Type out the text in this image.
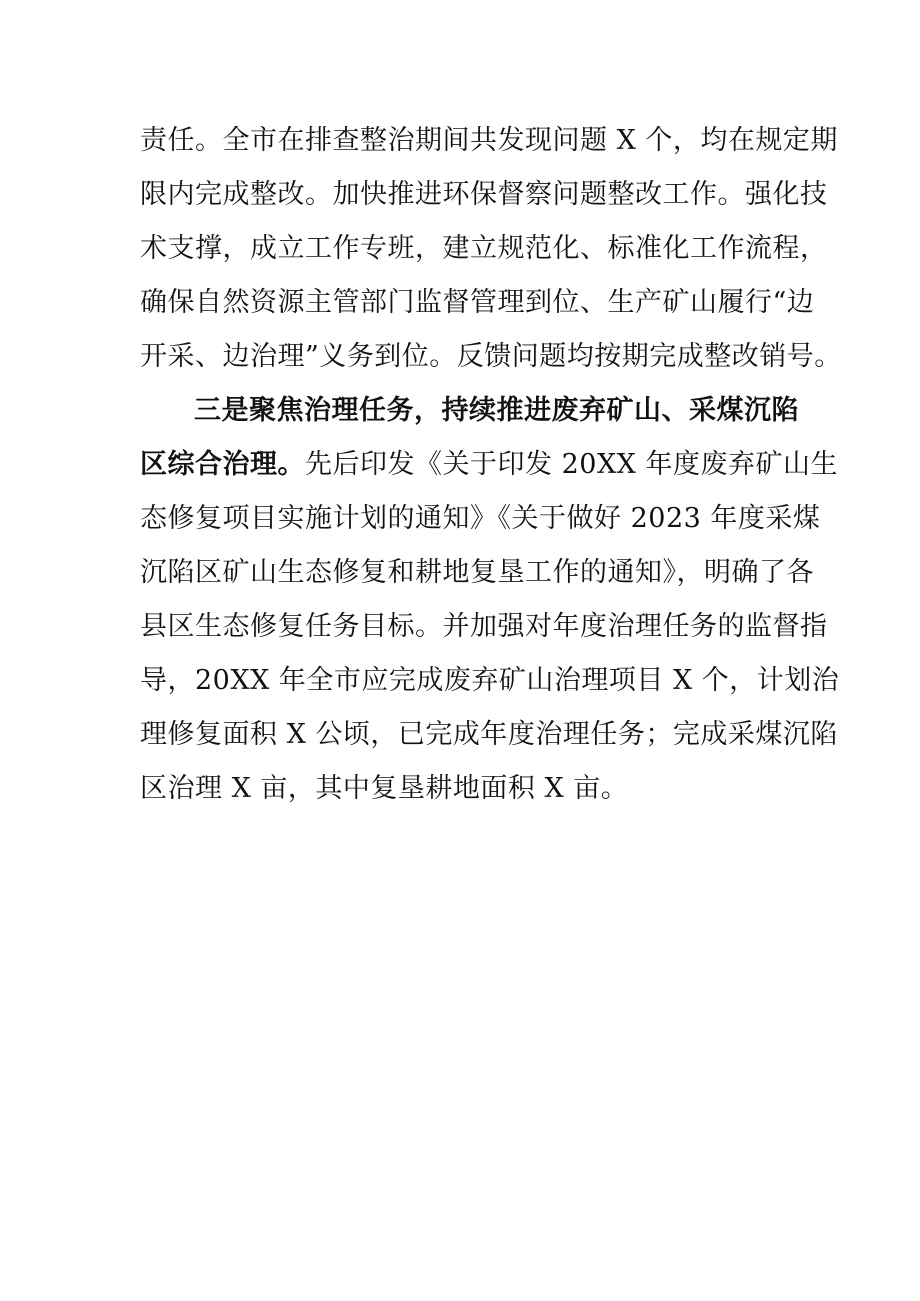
责任。全市在排查整治期间共发现问题 X 个，均在规定期
限内完成整改。加快推进环保督察问题整改工作。强化技
术支撑，成立工作专班，建立规范化、标准化工作流程，
确保自然资源主管部门监督管理到位、生产矿山履行“边
开采、边治理”义务到位。反馈问题均按期完成整改销号。
三是聚焦治理任务，持续推进废弃矿山、采煤沉陷
区综合治理。先后印发《关于印发 20XX 年度废弃矿山生
态修复项目实施计划的通知》《关于做好 2023 年度采煤
沉陷区矿山生态修复和耕地复垦工作的通知》，明确了各
县区生态修复任务目标。并加强对年度治理任务的监督指
导，20XX 年全市应完成废弃矿山治理项目 X 个，计划治
理修复面积 X 公顷，已完成年度治理任务；完成采煤沉陷
区治理 X 亩，其中复垦耕地面积 X 亩。
